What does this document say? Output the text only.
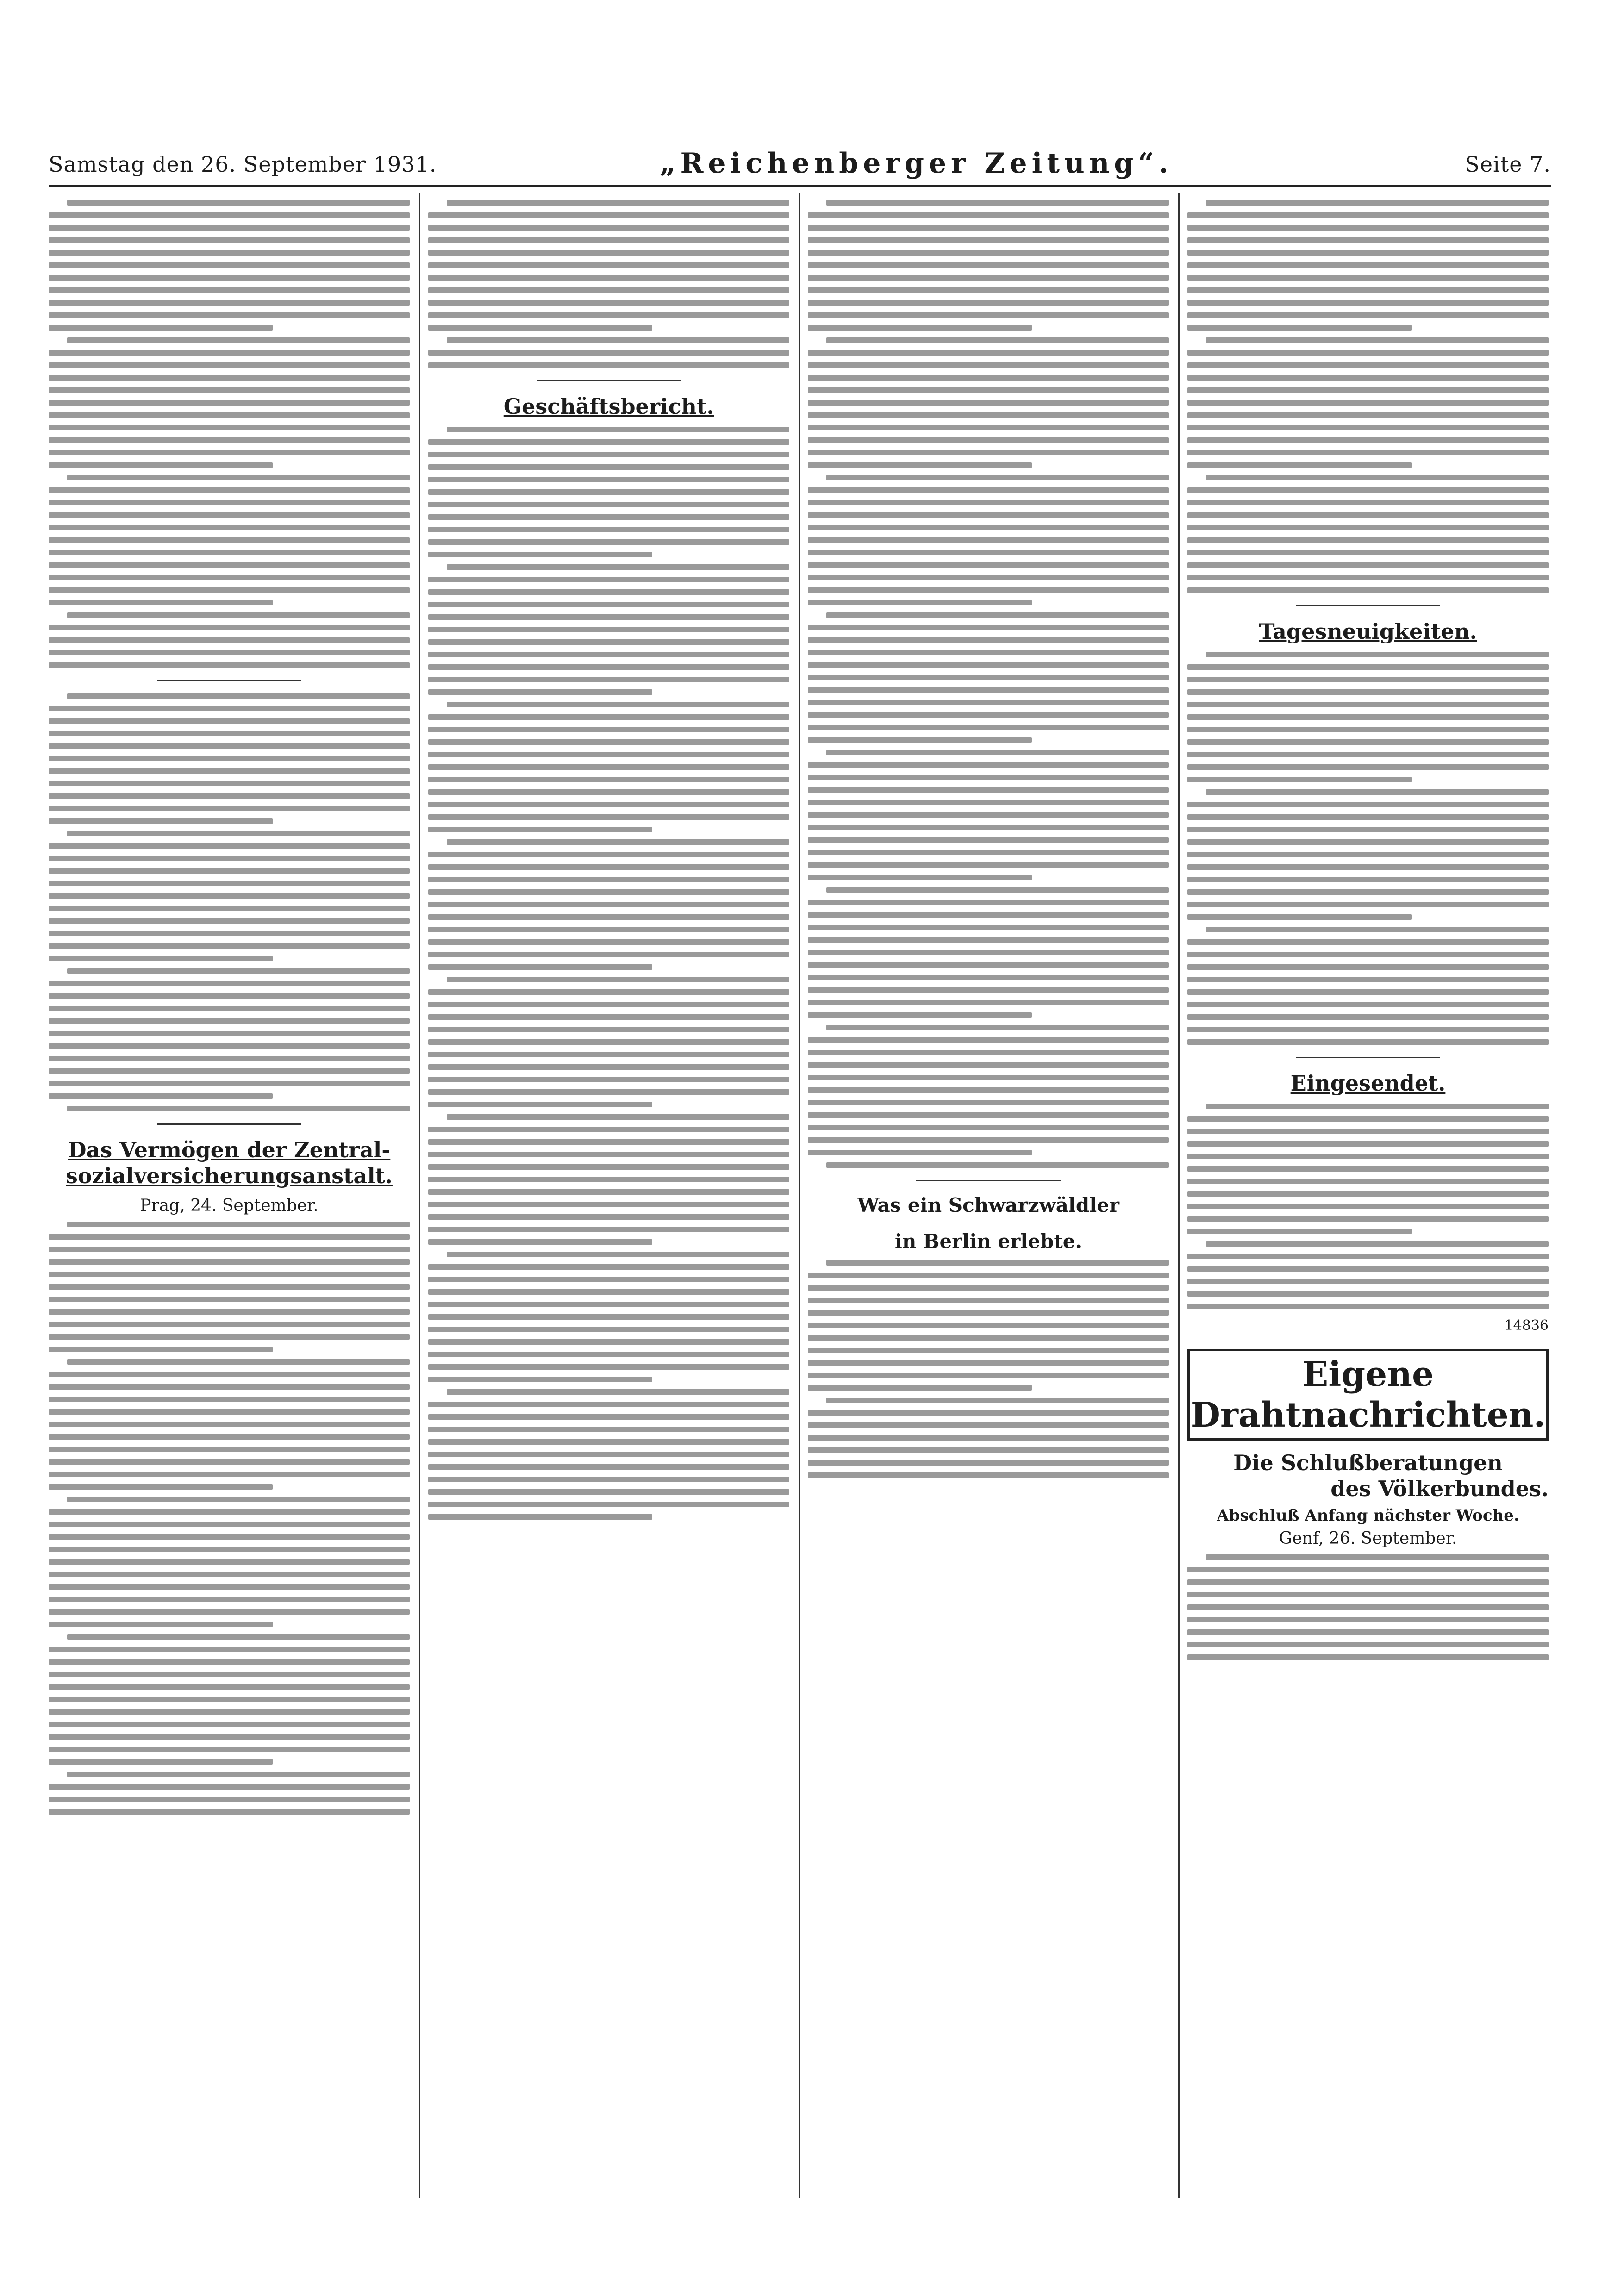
Samstag den 26. September 1931.	„Reichenberger Zeitung“.	Seite 7.
Das Vermögen der Zentral-sozialversicherungsanstalt.
Prag, 24. September.
Geschäftsbericht.
Was ein Schwarzwäldler
in Berlin erlebte.
Tagesneuigkeiten.
Eingesendet.
14836
Eigene Drahtnachrichten.
Die Schlußberatungen
des Völkerbundes.
Abschluß Anfang nächster Woche.
Genf, 26. September.
